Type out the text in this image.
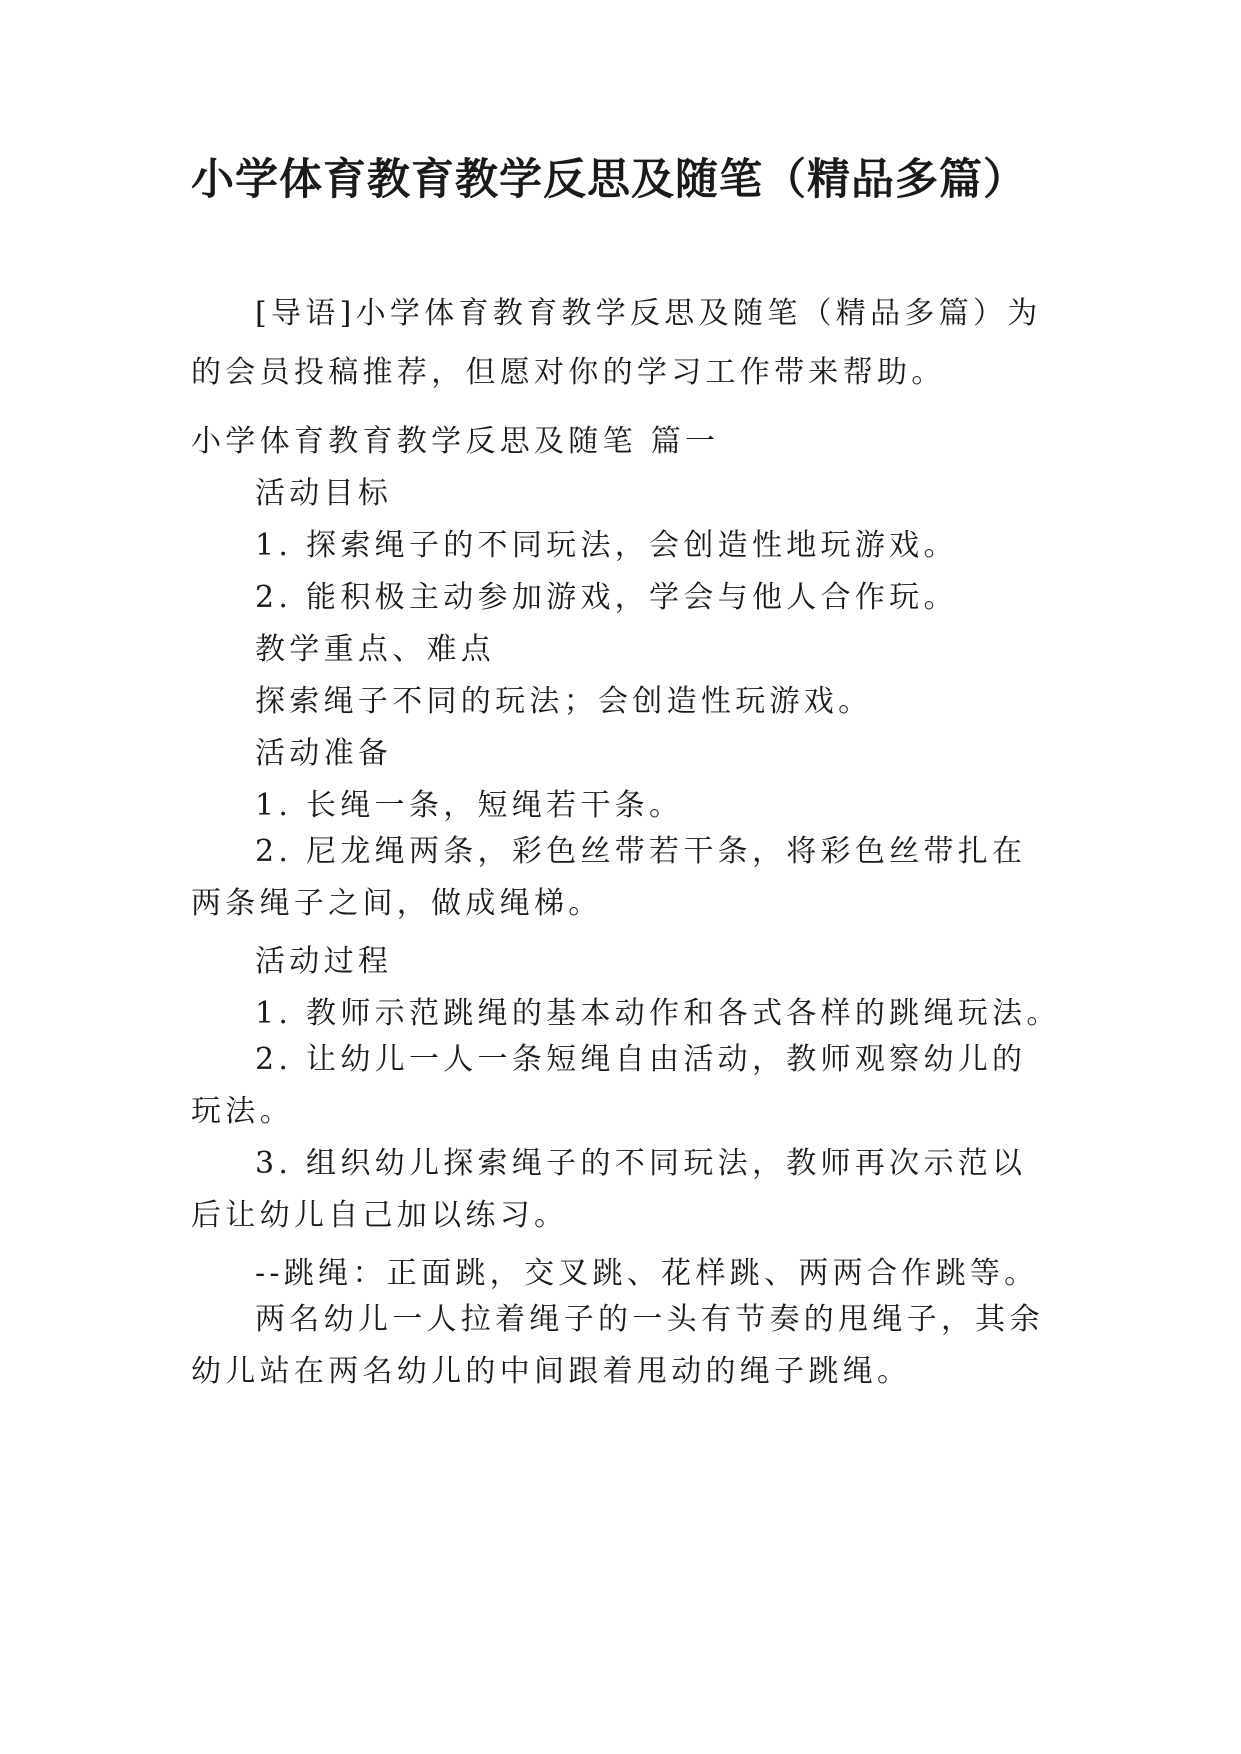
小学体育教育教学反思及随笔（精品多篇）
[导语]小学体育教育教学反思及随笔（精品多篇）为的会员投稿推荐，但愿对你的学习工作带来帮助。
小学体育教育教学反思及随笔 篇一
活动目标
1. 探索绳子的不同玩法，会创造性地玩游戏。
2. 能积极主动参加游戏，学会与他人合作玩。
教学重点、难点
探索绳子不同的玩法；会创造性玩游戏。
活动准备
1. 长绳一条，短绳若干条。
2. 尼龙绳两条，彩色丝带若干条，将彩色丝带扎在两条绳子之间，做成绳梯。
活动过程
1. 教师示范跳绳的基本动作和各式各样的跳绳玩法。
2. 让幼儿一人一条短绳自由活动，教师观察幼儿的玩法。
3. 组织幼儿探索绳子的不同玩法，教师再次示范以后让幼儿自己加以练习。
--跳绳：正面跳，交叉跳、花样跳、两两合作跳等。
两名幼儿一人拉着绳子的一头有节奏的甩绳子，其余幼儿站在两名幼儿的中间跟着甩动的绳子跳绳。
